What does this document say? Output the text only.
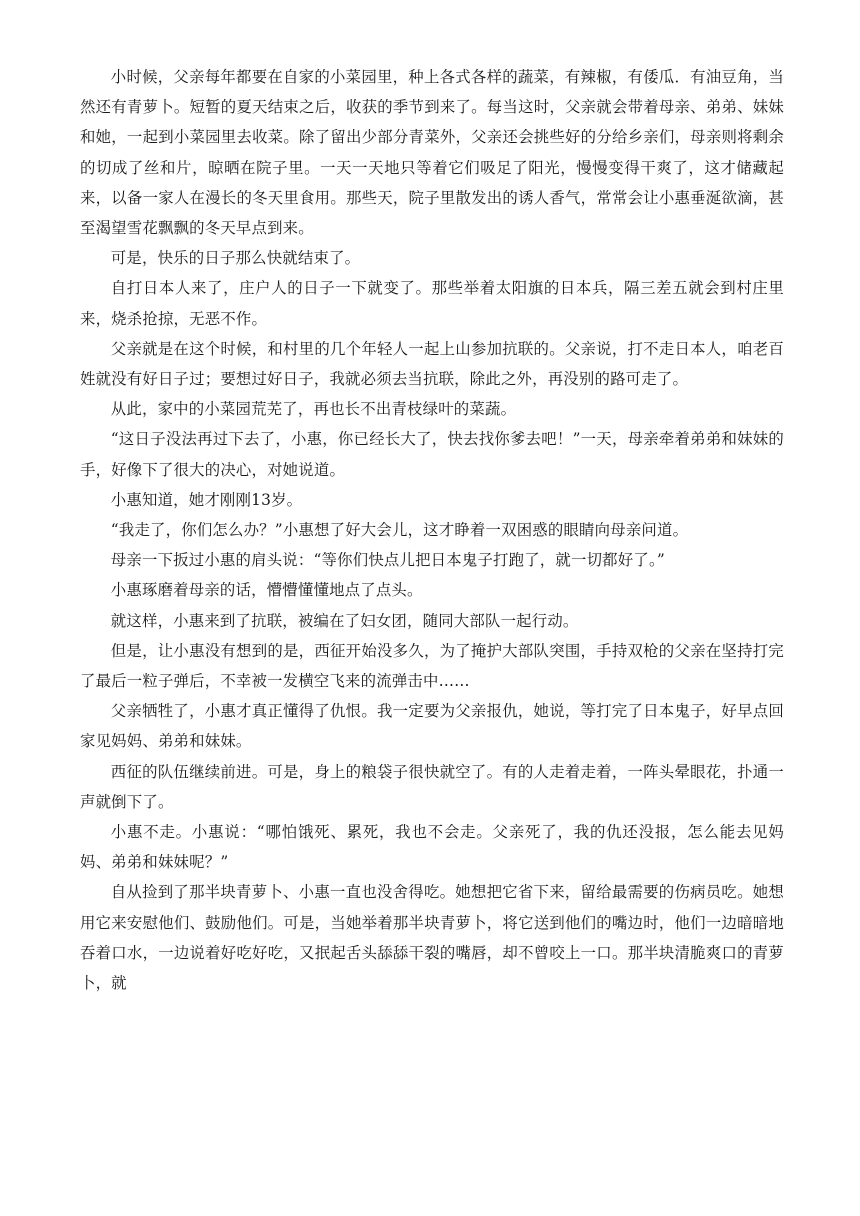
小时候，父亲每年都要在自家的小菜园里，种上各式各样的蔬菜，有辣椒，有倭瓜．有油豆角，当然还有青萝卜。短暂的夏天结束之后，收获的季节到来了。每当这时，父亲就会带着母亲、弟弟、妹妹和她，一起到小菜园里去收菜。除了留出少部分青菜外，父亲还会挑些好的分给乡亲们，母亲则将剩余的切成了丝和片，晾晒在院子里。一天一天地只等着它们吸足了阳光，慢慢变得干爽了，这才储藏起来，以备一家人在漫长的冬天里食用。那些天，院子里散发出的诱人香气，常常会让小惠垂涎欲滴，甚至渴望雪花飘飘的冬天早点到来。

可是，快乐的日子那么快就结束了。

自打日本人来了，庄户人的日子一下就变了。那些举着太阳旗的日本兵，隔三差五就会到村庄里来，烧杀抢掠，无恶不作。

父亲就是在这个时候，和村里的几个年轻人一起上山参加抗联的。父亲说，打不走日本人，咱老百姓就没有好日子过；要想过好日子，我就必须去当抗联，除此之外，再没别的路可走了。

从此，家中的小菜园荒芜了，再也长不出青枝绿叶的菜蔬。

“这日子没法再过下去了，小惠，你已经长大了，快去找你爹去吧！”一天，母亲牵着弟弟和妹妹的手，好像下了很大的决心，对她说道。

小惠知道，她才刚刚13岁。

“我走了，你们怎么办？”小惠想了好大会儿，这才睁着一双困惑的眼睛向母亲问道。

母亲一下扳过小惠的肩头说：“等你们快点儿把日本鬼子打跑了，就一切都好了。”

小惠琢磨着母亲的话，懵懵懂懂地点了点头。

就这样，小惠来到了抗联，被编在了妇女团，随同大部队一起行动。

但是，让小惠没有想到的是，西征开始没多久，为了掩护大部队突围，手持双枪的父亲在坚持打完了最后一粒子弹后，不幸被一发横空飞来的流弹击中……

父亲牺牲了，小惠才真正懂得了仇恨。我一定要为父亲报仇，她说，等打完了日本鬼子，好早点回家见妈妈、弟弟和妹妹。

西征的队伍继续前进。可是，身上的粮袋子很快就空了。有的人走着走着，一阵头晕眼花，扑通一声就倒下了。

小惠不走。小惠说：“哪怕饿死、累死，我也不会走。父亲死了，我的仇还没报，怎么能去见妈妈、弟弟和妹妹呢？”

自从捡到了那半块青萝卜、小惠一直也没舍得吃。她想把它省下来，留给最需要的伤病员吃。她想用它来安慰他们、鼓励他们。可是，当她举着那半块青萝卜，将它送到他们的嘴边时，他们一边暗暗地吞着口水，一边说着好吃好吃，又抿起舌头舔舔干裂的嘴唇，却不曾咬上一口。那半块清脆爽口的青萝卜，就
